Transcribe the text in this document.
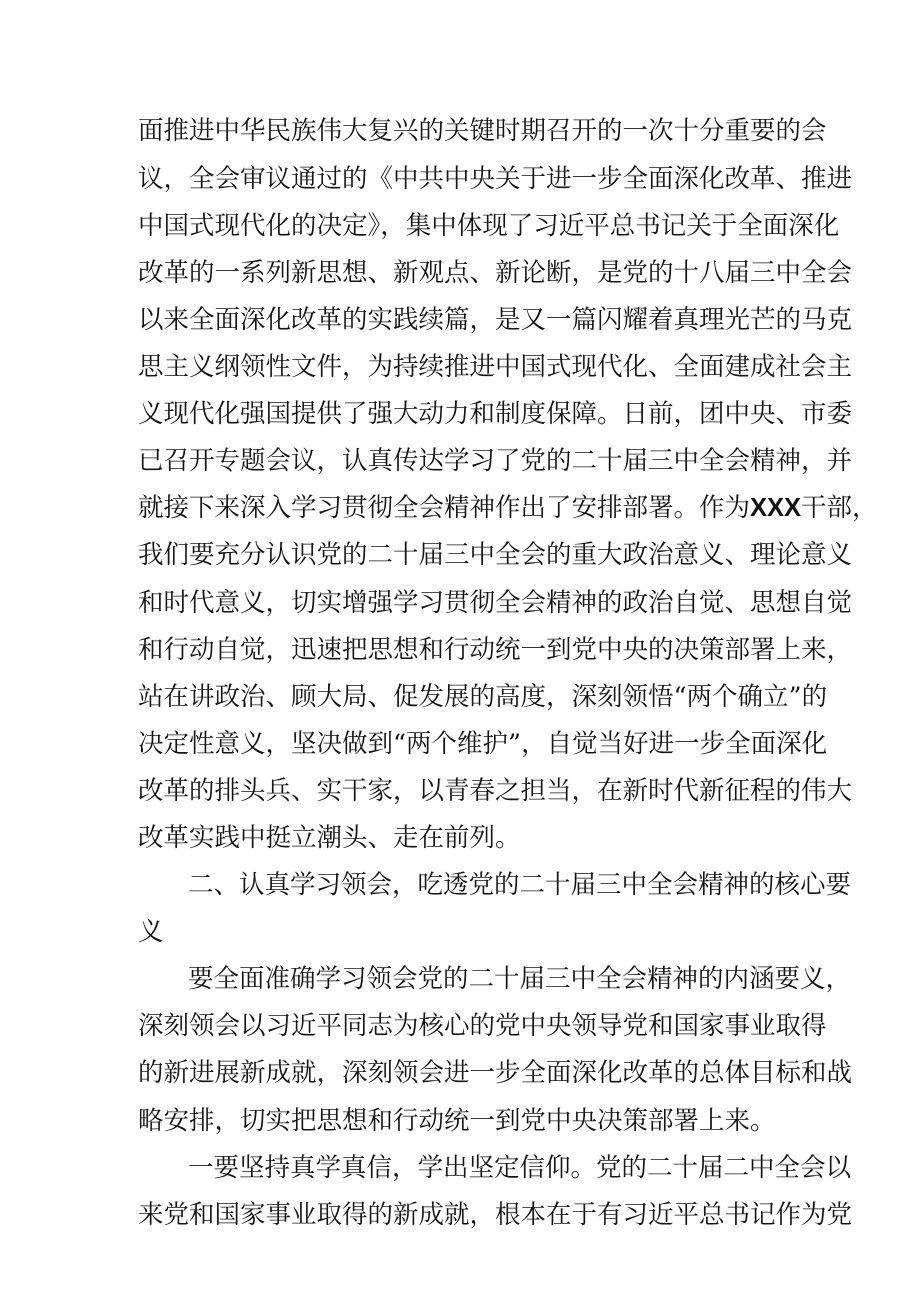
面推进中华民族伟大复兴的关键时期召开的一次十分重要的会
议，全会审议通过的《中共中央关于进一步全面深化改革、推进
中国式现代化的决定》，集中体现了习近平总书记关于全面深化
改革的一系列新思想、新观点、新论断，是党的十八届三中全会
以来全面深化改革的实践续篇，是又一篇闪耀着真理光芒的马克
思主义纲领性文件，为持续推进中国式现代化、全面建成社会主
义现代化强国提供了强大动力和制度保障。日前，团中央、市委
已召开专题会议，认真传达学习了党的二十届三中全会精神，并
就接下来深入学习贯彻全会精神作出了安排部署。作为XXX干部，
我们要充分认识党的二十届三中全会的重大政治意义、理论意义
和时代意义，切实增强学习贯彻全会精神的政治自觉、思想自觉
和行动自觉，迅速把思想和行动统一到党中央的决策部署上来，
站在讲政治、顾大局、促发展的高度，深刻领悟“两个确立”的
决定性意义，坚决做到“两个维护”，自觉当好进一步全面深化
改革的排头兵、实干家，以青春之担当，在新时代新征程的伟大
改革实践中挺立潮头、走在前列。
二、认真学习领会，吃透党的二十届三中全会精神的核心要
义
要全面准确学习领会党的二十届三中全会精神的内涵要义，
深刻领会以习近平同志为核心的党中央领导党和国家事业取得
的新进展新成就，深刻领会进一步全面深化改革的总体目标和战
略安排，切实把思想和行动统一到党中央决策部署上来。
一要坚持真学真信，学出坚定信仰。党的二十届二中全会以
来党和国家事业取得的新成就，根本在于有习近平总书记作为党
